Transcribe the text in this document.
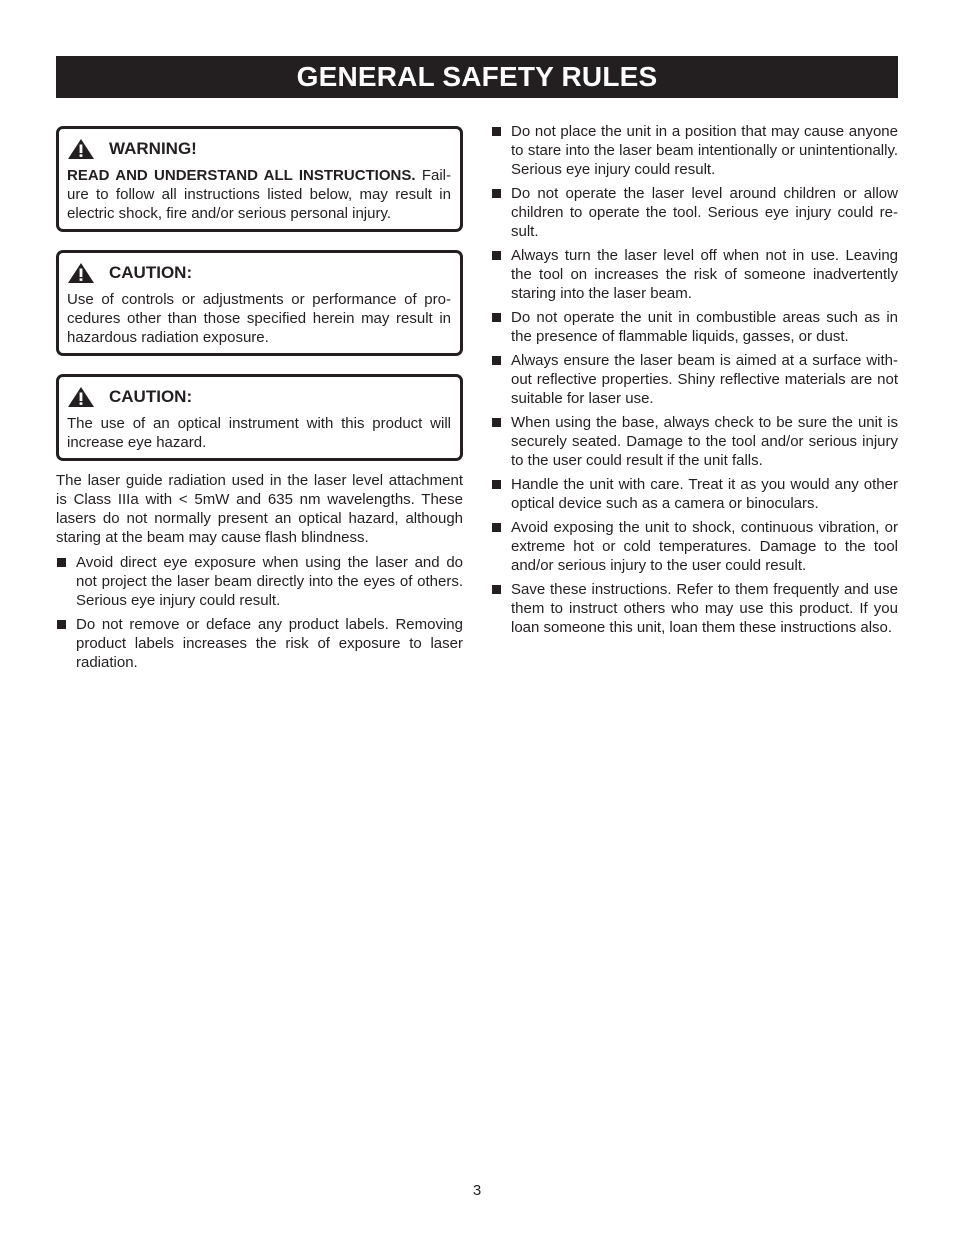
GENERAL SAFETY RULES
WARNING!
READ AND UNDERSTAND ALL INSTRUCTIONS. Failure to follow all instructions listed below, may result in electric shock, fire and/or serious personal injury.
CAUTION:
Use of controls or adjustments or performance of procedures other than those specified herein may result in hazardous radiation exposure.
CAUTION:
The use of an optical instrument with this product will increase eye hazard.

The laser guide radiation used in the laser level attachment is Class IIIa with < 5mW and 635 nm wavelengths. These lasers do not normally present an optical hazard, although staring at the beam may cause flash blindness.

Avoid direct eye exposure when using the laser and do not project the laser beam directly into the eyes of others. Serious eye injury could result.
Do not remove or deface any product labels. Removing product labels increases the risk of exposure to laser radiation.
Do not place the unit in a position that may cause anyone to stare into the laser beam intentionally or unintentionally. Serious eye injury could result.
Do not operate the laser level around children or allow children to operate the tool. Serious eye injury could result.
Always turn the laser level off when not in use. Leaving the tool on increases the risk of someone inadvertently staring into the laser beam.
Do not operate the unit in combustible areas such as in the presence of flammable liquids, gasses, or dust.
Always ensure the laser beam is aimed at a surface without reflective properties. Shiny reflective materials are not suitable for laser use.
When using the base, always check to be sure the unit is securely seated. Damage to the tool and/or serious injury to the user could result if the unit falls.
Handle the unit with care. Treat it as you would any other optical device such as a camera or binoculars.
Avoid exposing the unit to shock, continuous vibration, or extreme hot or cold temperatures. Damage to the tool and/or serious injury to the user could result.
Save these instructions. Refer to them frequently and use them to instruct others who may use this product. If you loan someone this unit, loan them these instructions also.
3
